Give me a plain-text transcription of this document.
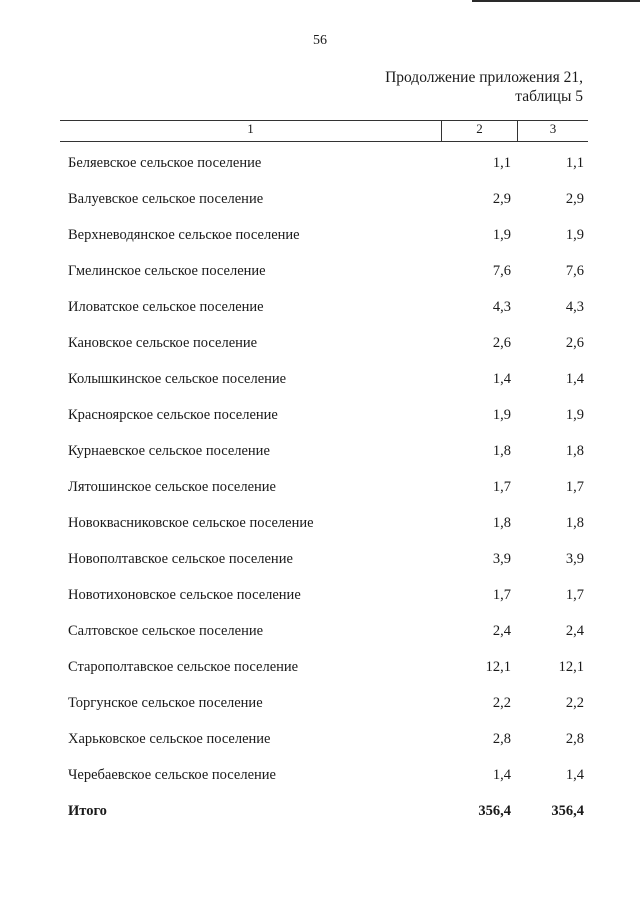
56
Продолжение приложения 21,
таблицы 5
1	2	3
Беляевское сельское поселение	1,1	1,1
Валуевское сельское поселение	2,9	2,9
Верхневодянское сельское поселение	1,9	1,9
Гмелинское сельское поселение	7,6	7,6
Иловатское сельское поселение	4,3	4,3
Кановское сельское поселение	2,6	2,6
Колышкинское сельское поселение	1,4	1,4
Красноярское сельское поселение	1,9	1,9
Курнаевское сельское поселение	1,8	1,8
Лятошинское сельское поселение	1,7	1,7
Новоквасниковское сельское поселение	1,8	1,8
Новополтавское сельское поселение	3,9	3,9
Новотихоновское сельское поселение	1,7	1,7
Салтовское сельское поселение	2,4	2,4
Старополтавское сельское поселение	12,1	12,1
Торгунское сельское поселение	2,2	2,2
Харьковское сельское поселение	2,8	2,8
Черебаевское сельское поселение	1,4	1,4
Итого	356,4	356,4
